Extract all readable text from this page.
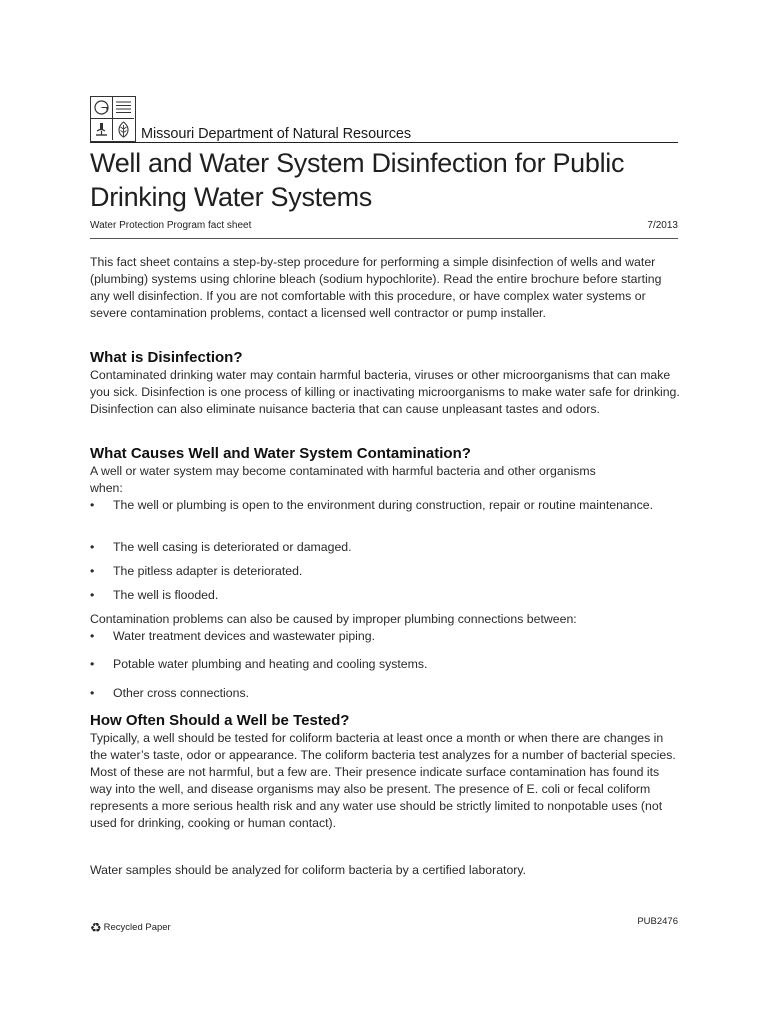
Missouri Department of Natural Resources
Well and Water System Disinfection for Public Drinking Water Systems
Water Protection Program fact sheet	7/2013

This fact sheet contains a step-by-step procedure for performing a simple disinfection of wells and water (plumbing) systems using chlorine bleach (sodium hypochlorite). Read the entire brochure before starting any well disinfection. If you are not comfortable with this procedure, or have complex water systems or severe contamination problems, contact a licensed well contractor or pump installer.

What is Disinfection?

Contaminated drinking water may contain harmful bacteria, viruses or other microorganisms that can make you sick. Disinfection is one process of killing or inactivating microorganisms to make water safe for drinking. Disinfection can also eliminate nuisance bacteria that can cause unpleasant tastes and odors.

What Causes Well and Water System Contamination?

A well or water system may become contaminated with harmful bacteria and other organisms when:

• The well or plumbing is open to the environment during construction, repair or routine maintenance.
• The well casing is deteriorated or damaged.
• The pitless adapter is deteriorated.
• The well is flooded.

Contamination problems can also be caused by improper plumbing connections between:

• Water treatment devices and wastewater piping.
• Potable water plumbing and heating and cooling systems.
• Other cross connections.
How Often Should a Well be Tested?

Typically, a well should be tested for coliform bacteria at least once a month or when there are changes in the water’s taste, odor or appearance. The coliform bacteria test analyzes for a number of bacterial species. Most of these are not harmful, but a few are. Their presence indicate surface contamination has found its way into the well, and disease organisms may also be present. The presence of E. coli or fecal coliform represents a more serious health risk and any water use should be strictly limited to nonpotable uses (not used for drinking, cooking or human contact).

Water samples should be analyzed for coliform bacteria by a certified laboratory.

♻ Recycled Paper
PUB2476
